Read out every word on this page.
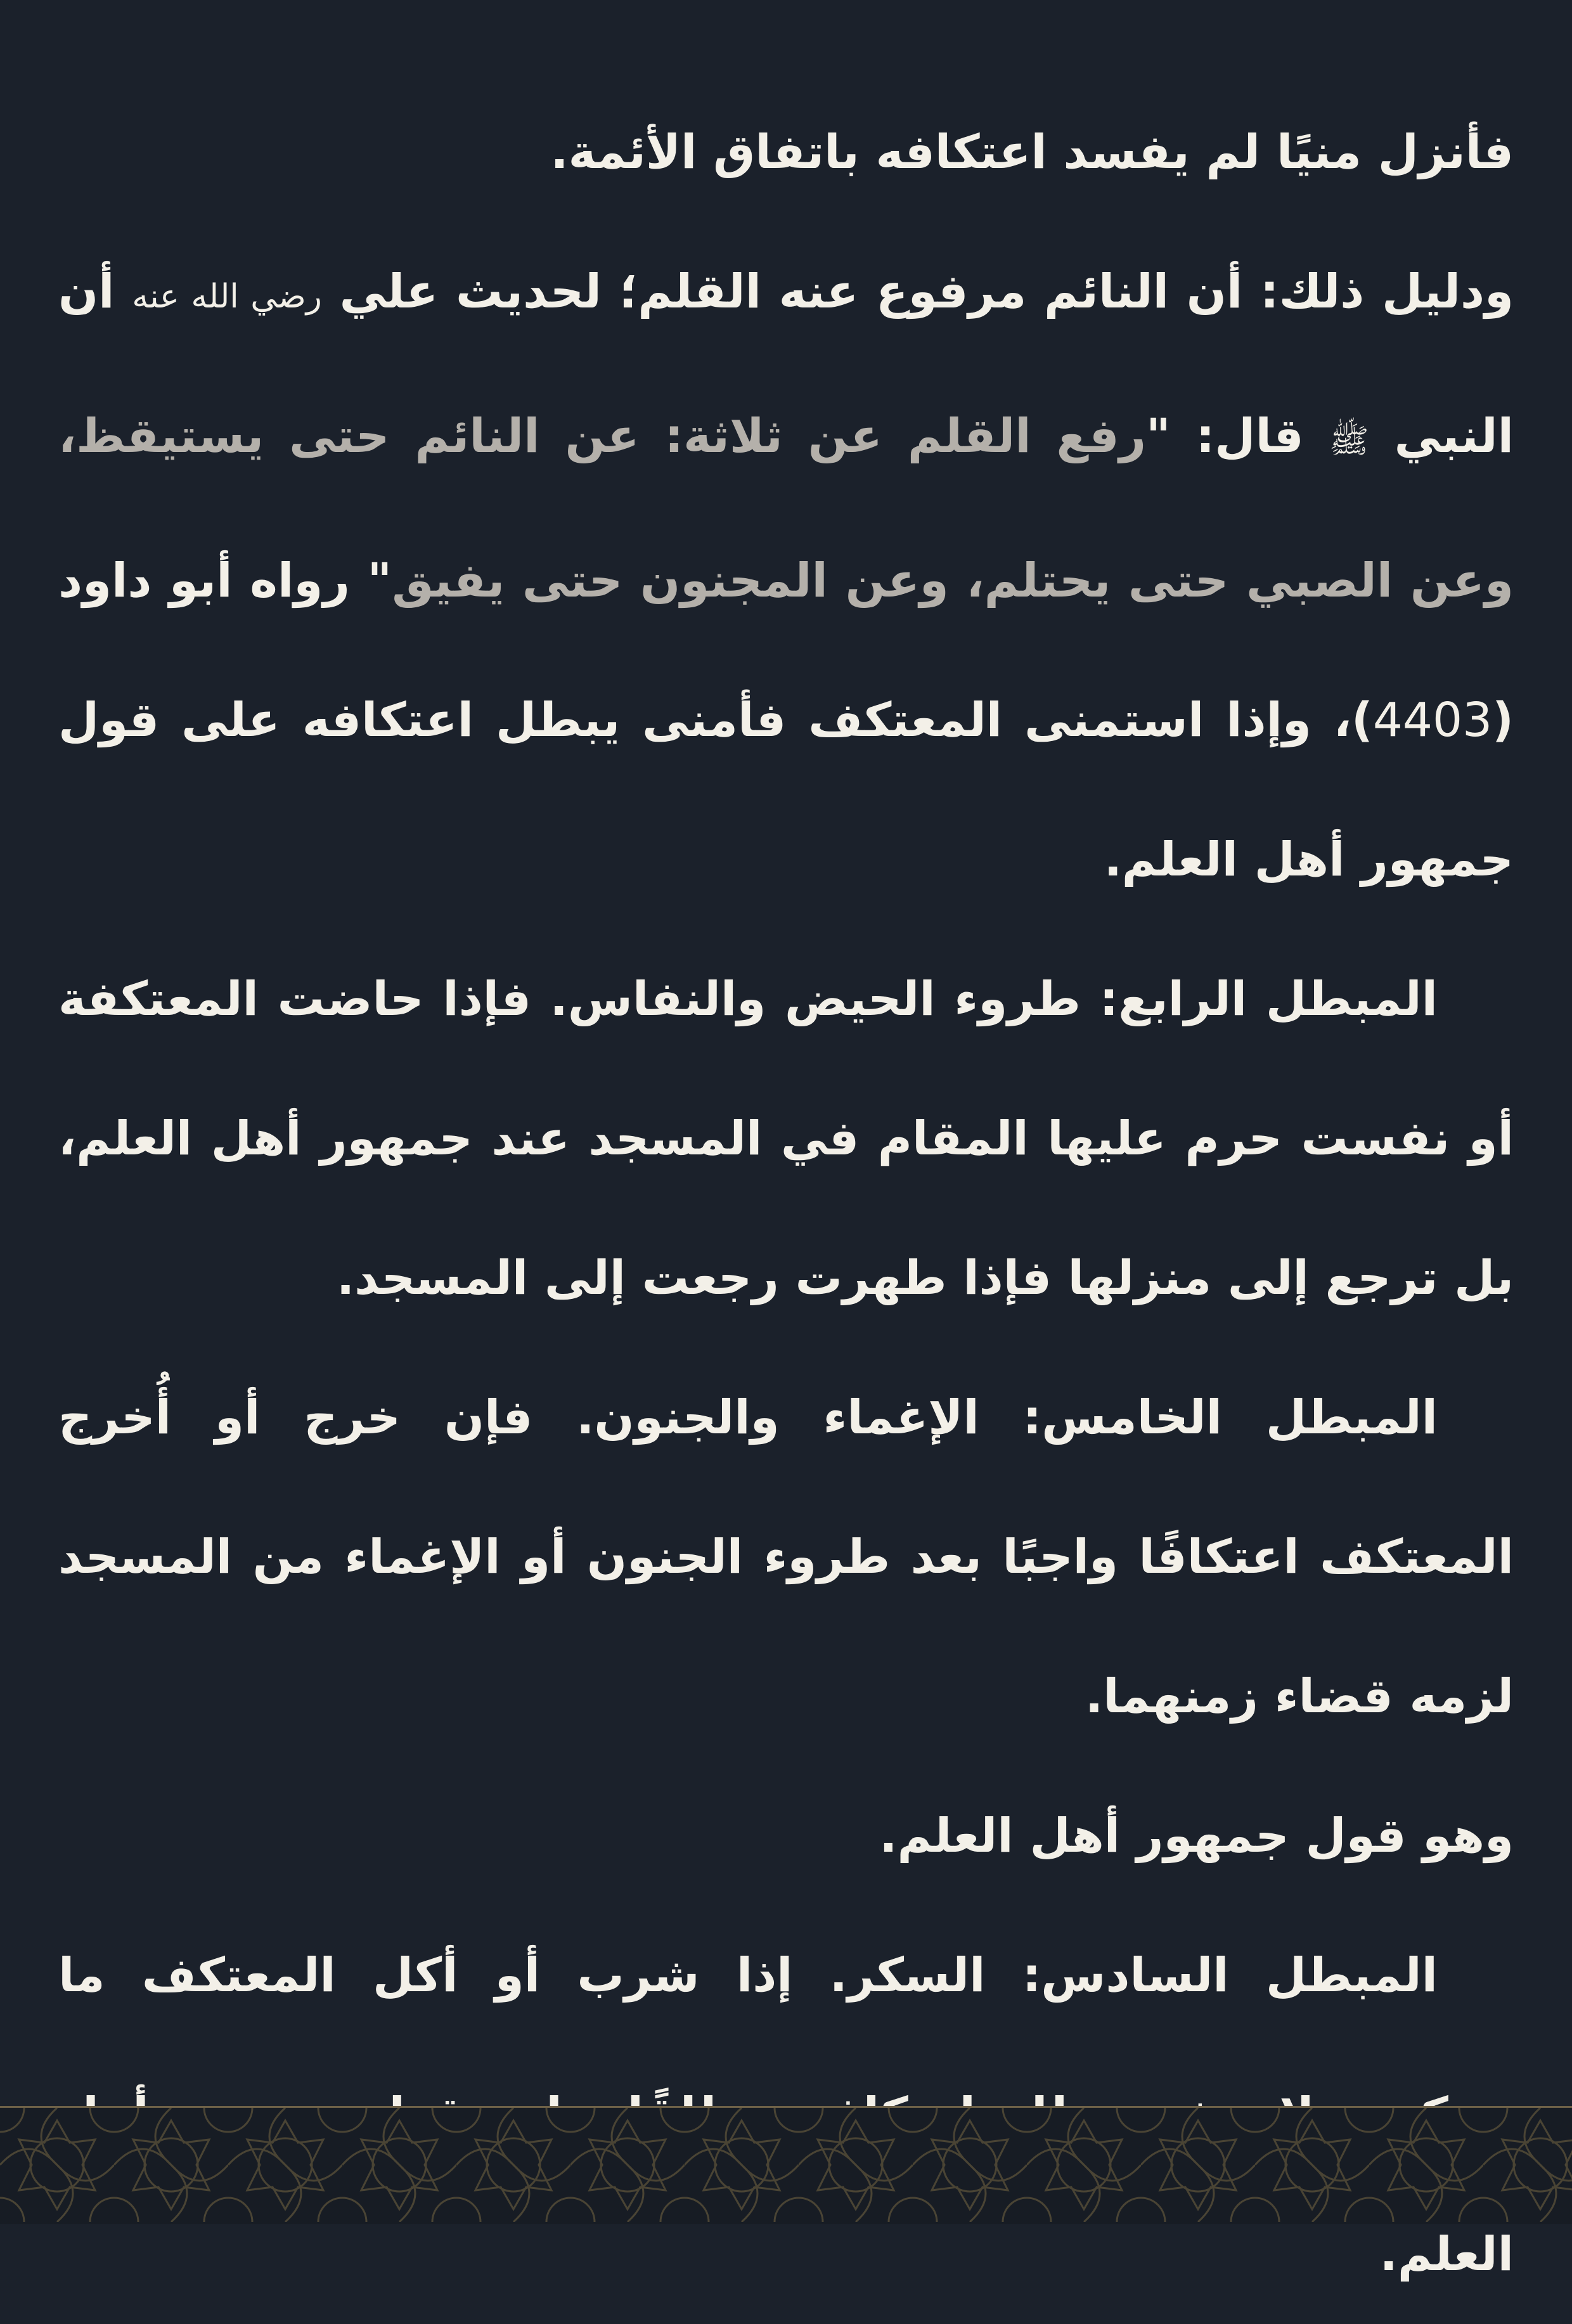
فأنزل منيًا لم يفسد اعتكافه باتفاق الأئمة.

ودليل ذلك: أن النائم مرفوع عنه القلم؛ لحديث علي رضي الله عنه أن النبي ﷺ قال: "رفع القلم عن ثلاثة: عن النائم حتى يستيقظ، وعن الصبي حتى يحتلم، وعن المجنون حتى يفيق" رواه أبو داود (4403)، وإذا استمنى المعتكف فأمنى يبطل اعتكافه على قول جمهور أهل العلم.

المبطل الرابع: طروء الحيض والنفاس. فإذا حاضت المعتكفة أو نفست حرم عليها المقام في المسجد عند جمهور أهل العلم، بل ترجع إلى منزلها فإذا طهرت رجعت إلى المسجد.

المبطل الخامس: الإغماء والجنون. فإن خرج أو أُخرج المعتكف اعتكافًا واجبًا بعد طروء الجنون أو الإغماء من المسجد لزمه قضاء زمنهما.

وهو قول جمهور أهل العلم.

المبطل السادس: السكر. إذا شرب أو أكل المعتكف ما العلم.
